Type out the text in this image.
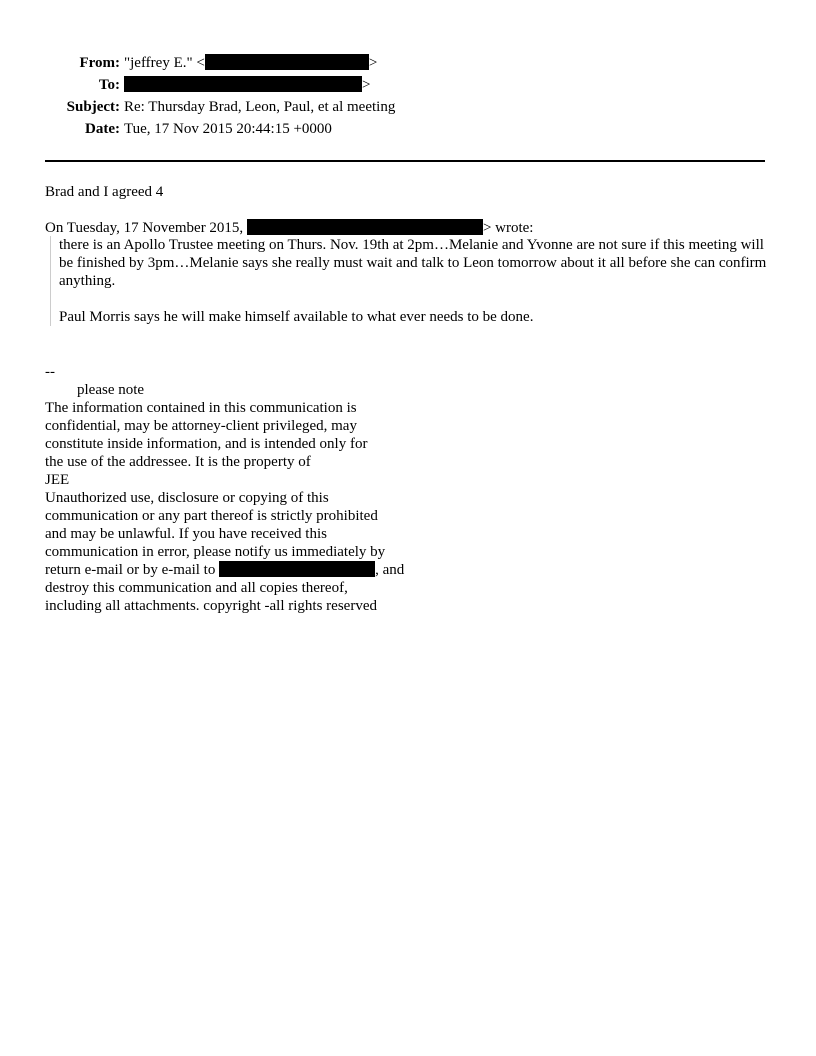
From: "jeffrey E." <	>
To:	>
Subject: Re: Thursday Brad, Leon, Paul, et al meeting
Date: Tue, 17 Nov 2015 20:44:15 +0000
Brad and I agreed 4
On Tuesday, 17 November 2015,	> wrote:

there is an Apollo Trustee meeting on Thurs. Nov. 19th at 2pm…Melanie and Yvonne are not sure if this meeting will be finished by 3pm…Melanie says she really must wait and talk to Leon tomorrow about it all before she can confirm anything.

Paul Morris says he will make himself available to what ever needs to be done.

--
please note
The information contained in this communication is
confidential, may be attorney-client privileged, may
constitute inside information, and is intended only for
the use of the addressee. It is the property of
JEE
Unauthorized use, disclosure or copying of this
communication or any part thereof is strictly prohibited
and may be unlawful. If you have received this
communication in error, please notify us immediately by
return e-mail or by e-mail to	, and
destroy this communication and all copies thereof,
including all attachments. copyright -all rights reserved
